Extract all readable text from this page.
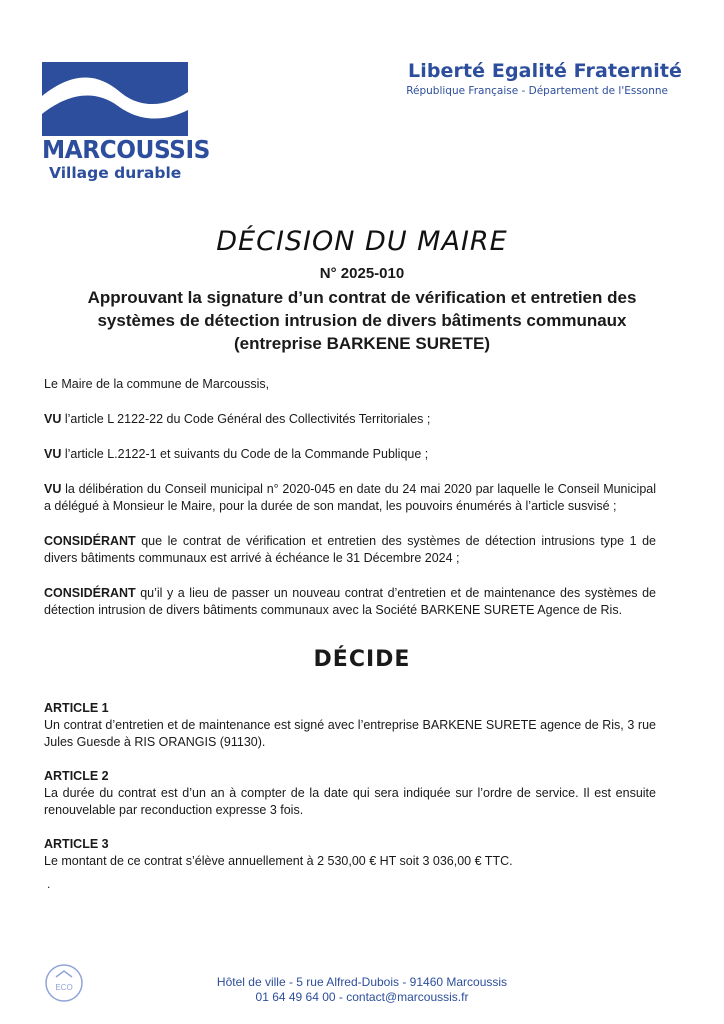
MARCOUSSIS
Village durable
Liberté Egalité Fraternité
République Française - Département de l'Essonne
DÉCISION DU MAIRE
N° 2025-010
Approuvant la signature d’un contrat de vérification et entretien des
systèmes de détection intrusion de divers bâtiments communaux
(entreprise BARKENE SURETE)

Le Maire de la commune de Marcoussis,

VU l’article L 2122-22 du Code Général des Collectivités Territoriales ;

VU l’article L.2122-1 et suivants du Code de la Commande Publique ;

VU la délibération du Conseil municipal n° 2020-045 en date du 24 mai 2020 par laquelle le Conseil Municipal a délégué à Monsieur le Maire, pour la durée de son mandat, les pouvoirs énumérés à l’article susvisé ;

CONSIDÉRANT que le contrat de vérification et entretien des systèmes de détection intrusions type 1 de divers bâtiments communaux est arrivé à échéance le 31 Décembre 2024 ;

CONSIDÉRANT qu’il y a lieu de passer un nouveau contrat d’entretien et de maintenance des systèmes de détection intrusion de divers bâtiments communaux avec la Société BARKENE SURETE Agence de Ris.

DÉCIDE
ARTICLE 1
Un contrat d’entretien et de maintenance est signé avec l’entreprise BARKENE SURETE agence de Ris, 3 rue Jules Guesde à RIS ORANGIS (91130).
ARTICLE 2
La durée du contrat est d’un an à compter de la date qui sera indiquée sur l’ordre de service. Il est ensuite renouvelable par reconduction expresse 3 fois.
ARTICLE 3
Le montant de ce contrat s’élève annuellement à 2 530,00 € HT soit 3 036,00 € TTC.
.
ECO	Hôtel de ville - 5 rue Alfred-Dubois - 91460 Marcoussis
01 64 49 64 00 - contact@marcoussis.fr
